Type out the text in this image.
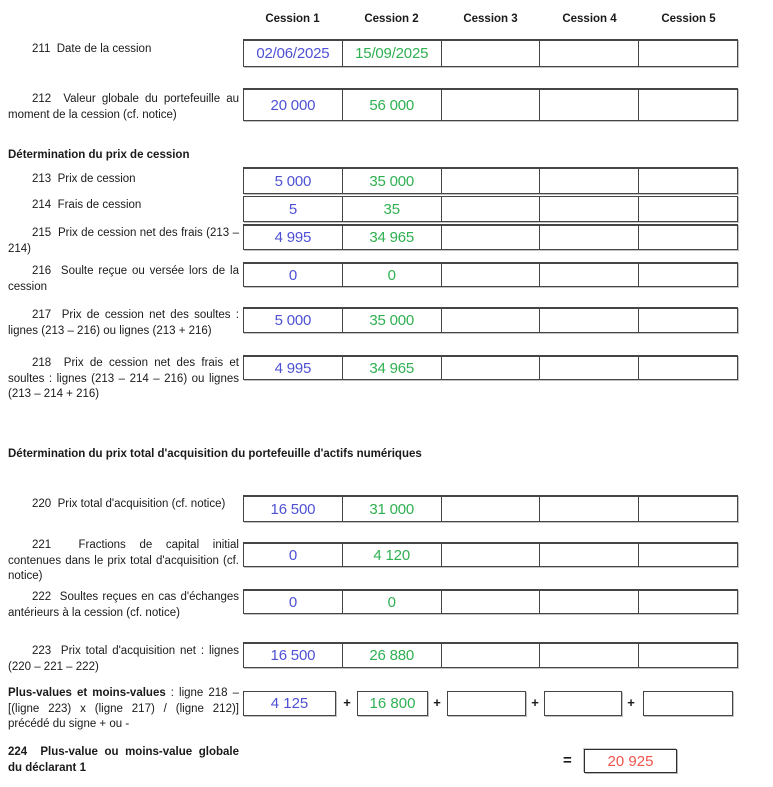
Cession 1	Cession 2	Cession 3	Cession 4	Cession 5
211  Date de la cession	02/06/2025	15/09/2025
212  Valeur globale du portefeuille au moment de la cession (cf. notice)
20 000	56 000
Détermination du prix de cession
213  Prix de cession	5 000	35 000
214  Frais de cession	5	35
215  Prix de cession net des frais (213 – 214)
4 995	34 965
216  Soulte reçue ou versée lors de la cession
0	0
217  Prix de cession net des soultes : lignes (213 – 216) ou lignes (213 + 216)
5 000	35 000
218  Prix de cession net des frais et soultes : lignes (213 – 214 – 216) ou lignes (213 – 214 + 216)
4 995	34 965
Détermination du prix total d'acquisition du portefeuille d'actifs numériques
220  Prix total d'acquisition (cf. notice)	16 500	31 000
221  Fractions de capital initial contenues dans le prix total d'acquisition (cf. notice)
0	4 120
222  Soultes reçues en cas d'échanges antérieurs à la cession (cf. notice)
0	0
223  Prix total d'acquisition net : lignes (220 – 221 – 222)
16 500	26 880
Plus-values et moins-values : ligne 218 – [(ligne 223) x (ligne 217) / (ligne 212)] précédé du signe + ou -
4 125	+	16 800	+	+	+
224  Plus-value ou moins-value globale du déclarant 1	=	20 925
